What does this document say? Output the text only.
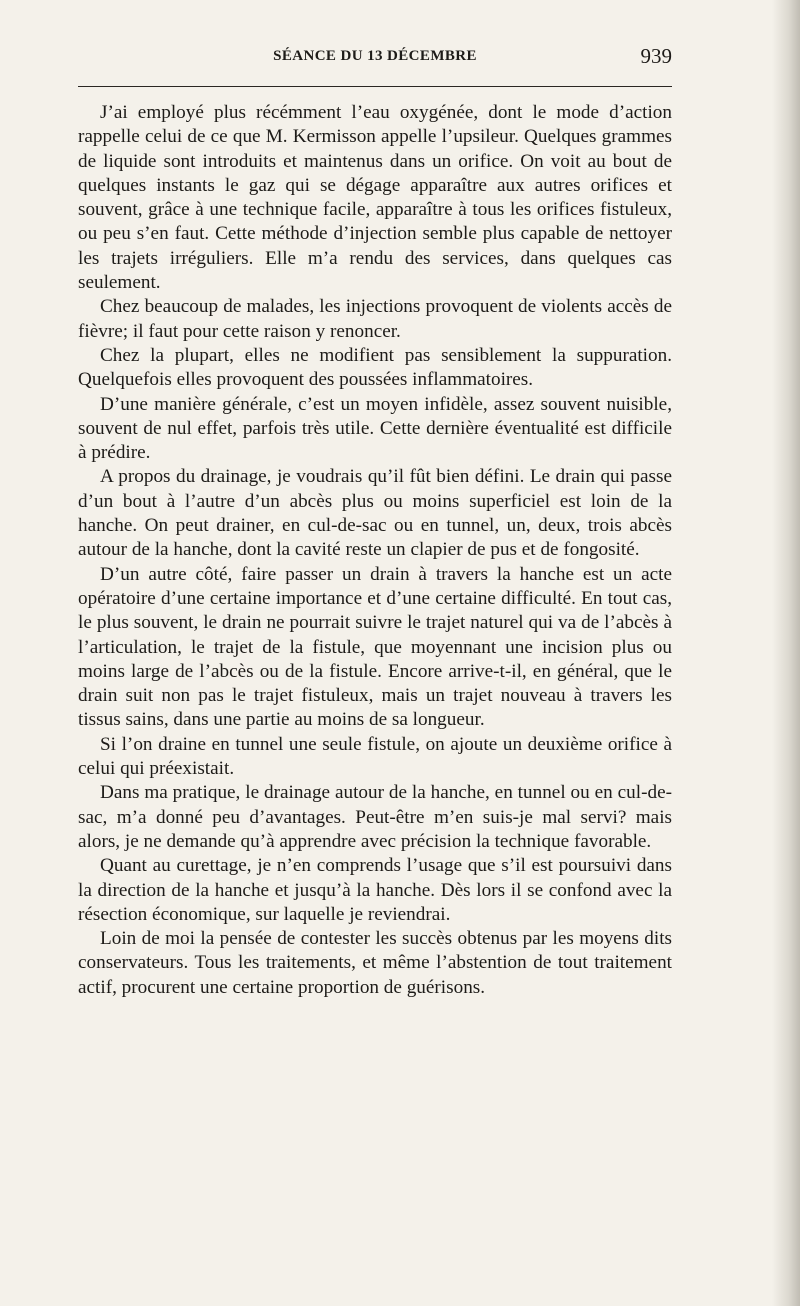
SÉANCE DU 13 DÉCEMBRE	939

J’ai employé plus récémment l’eau oxygénée, dont le mode d’action rappelle celui de ce que M. Kermisson appelle l’upsileur. Quelques grammes de liquide sont introduits et maintenus dans un orifice. On voit au bout de quelques instants le gaz qui se dégage apparaître aux autres orifices et souvent, grâce à une technique facile, apparaître à tous les orifices fistuleux, ou peu s’en faut. Cette méthode d’injection semble plus capable de nettoyer les trajets irréguliers. Elle m’a rendu des services, dans quelques cas seulement.

Chez beaucoup de malades, les injections provoquent de violents accès de fièvre; il faut pour cette raison y renoncer.

Chez la plupart, elles ne modifient pas sensiblement la suppuration. Quelquefois elles provoquent des poussées inflammatoires.

D’une manière générale, c’est un moyen infidèle, assez souvent nuisible, souvent de nul effet, parfois très utile. Cette dernière éventualité est difficile à prédire.

A propos du drainage, je voudrais qu’il fût bien défini. Le drain qui passe d’un bout à l’autre d’un abcès plus ou moins superficiel est loin de la hanche. On peut drainer, en cul-de-sac ou en tunnel, un, deux, trois abcès autour de la hanche, dont la cavité reste un clapier de pus et de fongosité.

D’un autre côté, faire passer un drain à travers la hanche est un acte opératoire d’une certaine importance et d’une certaine difficulté. En tout cas, le plus souvent, le drain ne pourrait suivre le trajet naturel qui va de l’abcès à l’articulation, le trajet de la fistule, que moyennant une incision plus ou moins large de l’abcès ou de la fistule. Encore arrive-t-il, en général, que le drain suit non pas le trajet fistuleux, mais un trajet nouveau à travers les tissus sains, dans une partie au moins de sa longueur.

Si l’on draine en tunnel une seule fistule, on ajoute un deuxième orifice à celui qui préexistait.

Dans ma pratique, le drainage autour de la hanche, en tunnel ou en cul-de-sac, m’a donné peu d’avantages. Peut-être m’en suis-je mal servi? mais alors, je ne demande qu’à apprendre avec précision la technique favorable.

Quant au curettage, je n’en comprends l’usage que s’il est poursuivi dans la direction de la hanche et jusqu’à la hanche. Dès lors il se confond avec la résection économique, sur laquelle je reviendrai.

Loin de moi la pensée de contester les succès obtenus par les moyens dits conservateurs. Tous les traitements, et même l’abstention de tout traitement actif, procurent une certaine proportion de guérisons.
